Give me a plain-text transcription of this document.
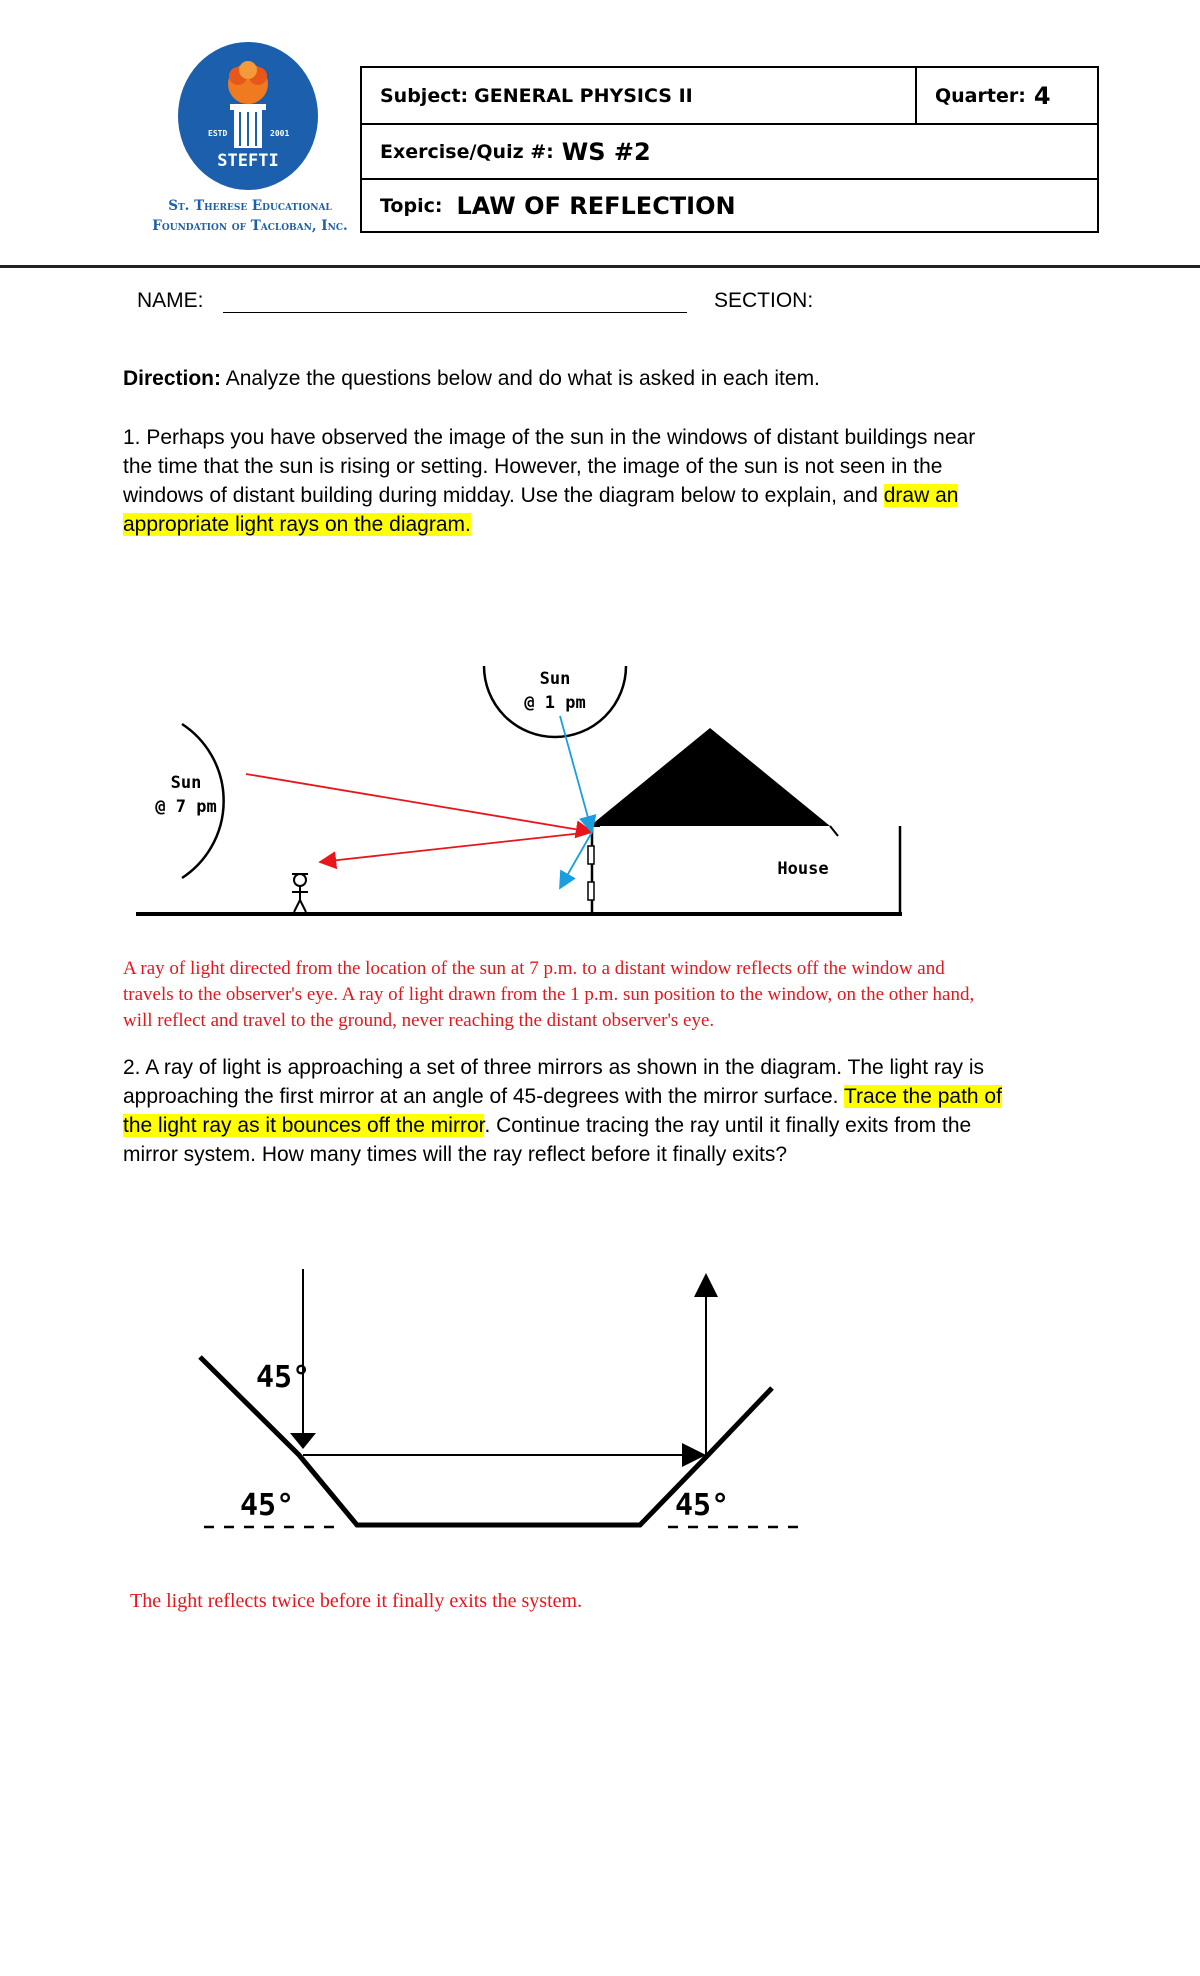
ESTD	2001
STEFTI
St. Therese Educational
Foundation of Tacloban, Inc.
Subject: GENERAL PHYSICS II	Quarter: 4
Exercise/Quiz #: WS #2
Topic: LAW OF REFLECTION
NAME:	SECTION:
Direction: Analyze the questions below and do what is asked in each item.
1. Perhaps you have observed the image of the sun in the windows of distant buildings near
the time that the sun is rising or setting. However, the image of the sun is not seen in the
windows of distant building during midday. Use the diagram below to explain, and draw an
appropriate light rays on the diagram.
Sun
@ 1 pm
Sun
@ 7 pm
House
A ray of light directed from the location of the sun at 7 p.m. to a distant window reflects off the window and
travels to the observer's eye. A ray of light drawn from the 1 p.m. sun position to the window, on the other hand,
will reflect and travel to the ground, never reaching the distant observer's eye.
2. A ray of light is approaching a set of three mirrors as shown in the diagram. The light ray is
approaching the first mirror at an angle of 45-degrees with the mirror surface. Trace the path of
the light ray as it bounces off the mirror. Continue tracing the ray until it finally exits from the
mirror system. How many times will the ray reflect before it finally exits?
45°
45°	45°
The light reflects twice before it finally exits the system.
